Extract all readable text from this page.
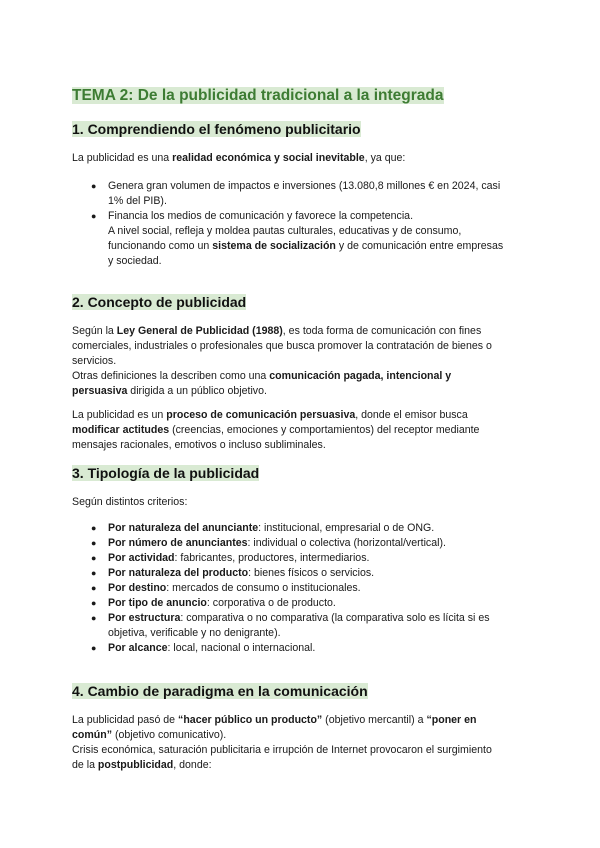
TEMA 2: De la publicidad tradicional a la integrada
1. Comprendiendo el fenómeno publicitario

La publicidad es una realidad económica y social inevitable, ya que:

● Genera gran volumen de impactos e inversiones (13.080,8 millones € en 2024, casi
1% del PIB).
● Financia los medios de comunicación y favorece la competencia.
A nivel social, refleja y moldea pautas culturales, educativas y de consumo,
funcionando como un sistema de socialización y de comunicación entre empresas
y sociedad.
2. Concepto de publicidad

Según la Ley General de Publicidad (1988), es toda forma de comunicación con fines
comerciales, industriales o profesionales que busca promover la contratación de bienes o
servicios.
Otras definiciones la describen como una comunicación pagada, intencional y
persuasiva dirigida a un público objetivo.

La publicidad es un proceso de comunicación persuasiva, donde el emisor busca
modificar actitudes (creencias, emociones y comportamientos) del receptor mediante
mensajes racionales, emotivos o incluso subliminales.

3. Tipología de la publicidad

Según distintos criterios:

● Por naturaleza del anunciante: institucional, empresarial o de ONG.
● Por número de anunciantes: individual o colectiva (horizontal/vertical).
● Por actividad: fabricantes, productores, intermediarios.
● Por naturaleza del producto: bienes físicos o servicios.
● Por destino: mercados de consumo o institucionales.
● Por tipo de anuncio: corporativa o de producto.
● Por estructura: comparativa o no comparativa (la comparativa solo es lícita si es
objetiva, verificable y no denigrante).
● Por alcance: local, nacional o internacional.
4. Cambio de paradigma en la comunicación

La publicidad pasó de “hacer público un producto” (objetivo mercantil) a “poner en
común” (objetivo comunicativo).
Crisis económica, saturación publicitaria e irrupción de Internet provocaron el surgimiento
de la postpublicidad, donde:
